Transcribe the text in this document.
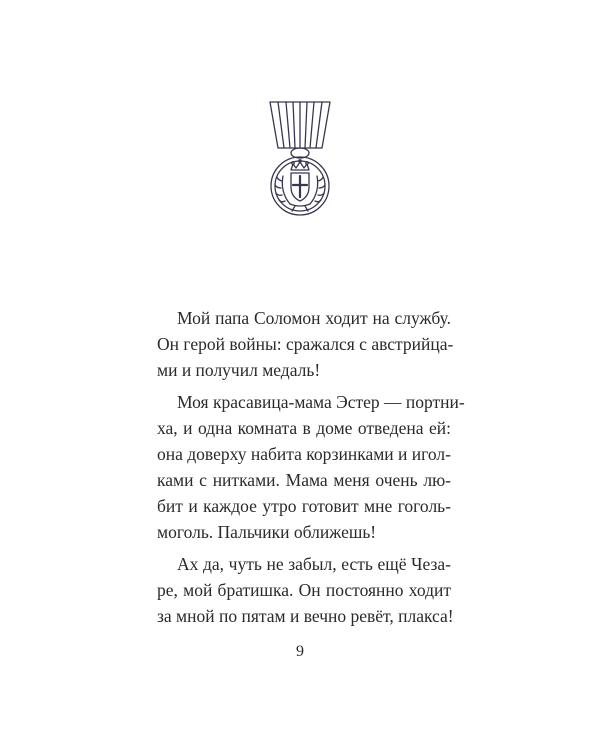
Мой папа Соломон ходит на службу.
Он герой войны: сражался с австрийца-
ми и получил медаль!
Моя красавица-мама Эстер — портни-
ха, и одна комната в доме отведена ей:
она доверху набита корзинками и игол-
ками с нитками. Мама меня очень лю-
бит и каждое утро готовит мне гоголь-
моголь. Пальчики оближешь!
Ах да, чуть не забыл, есть ещё Чеза-
ре, мой братишка. Он постоянно ходит
за мной по пятам и вечно ревёт, плакса!
9
